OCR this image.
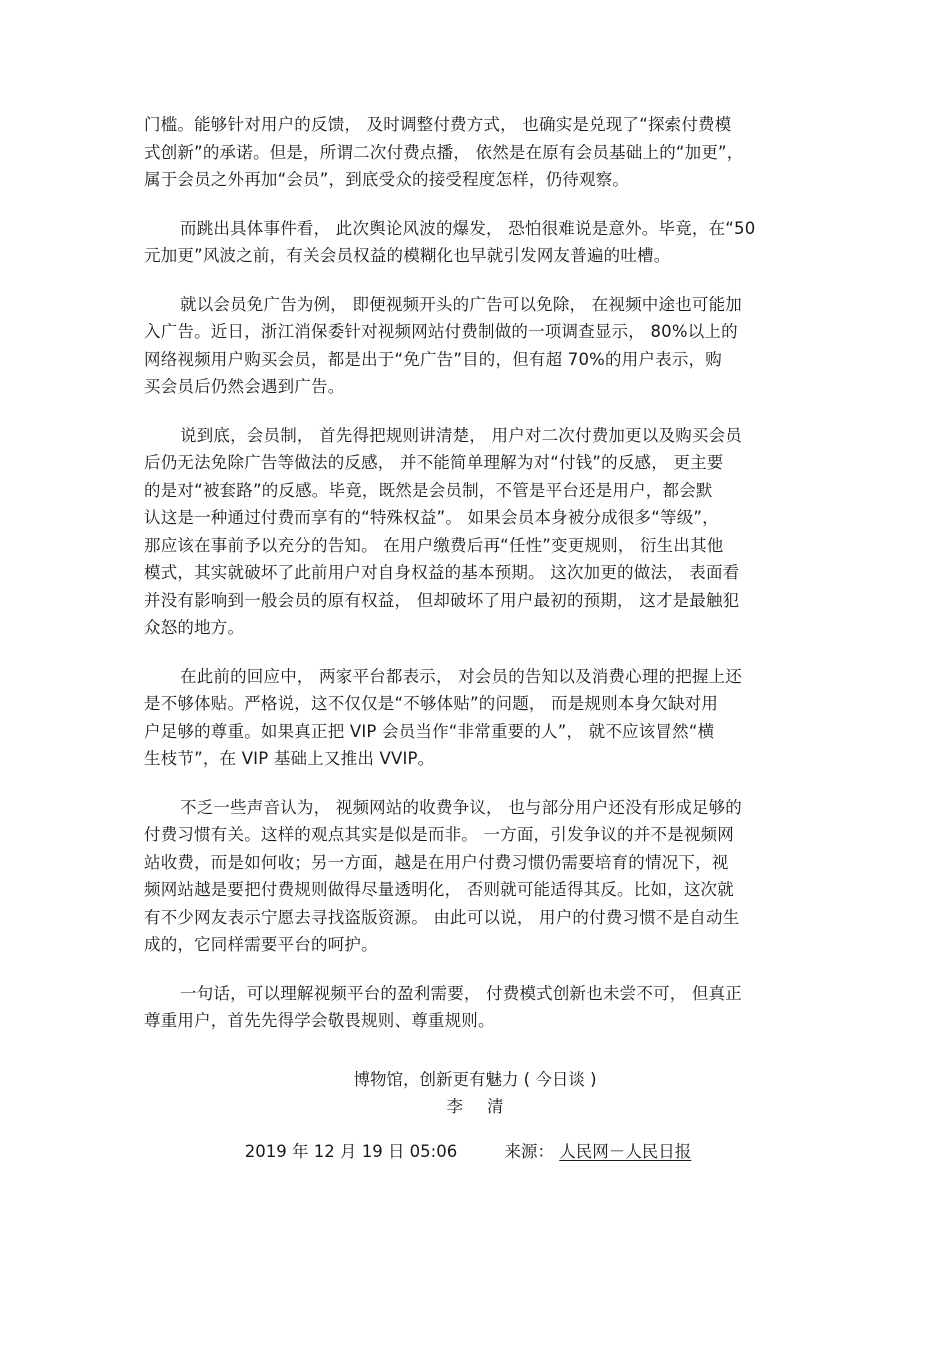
门槛。能够针对用户的反馈， 及时调整付费方式， 也确实是兑现了“探索付费模
式创新”的承诺。但是，所谓二次付费点播， 依然是在原有会员基础上的“加更”，
属于会员之外再加“会员”，到底受众的接受程度怎样，仍待观察。

而跳出具体事件看， 此次舆论风波的爆发， 恐怕很难说是意外。毕竟，在“50
元加更”风波之前，有关会员权益的模糊化也早就引发网友普遍的吐槽。

就以会员免广告为例， 即便视频开头的广告可以免除， 在视频中途也可能加
入广告。近日，浙江消保委针对视频网站付费制做的一项调查显示， 80%以上的
网络视频用户购买会员，都是出于“免广告”目的，但有超 70%的用户表示，购
买会员后仍然会遇到广告。

说到底，会员制， 首先得把规则讲清楚， 用户对二次付费加更以及购买会员
后仍无法免除广告等做法的反感， 并不能简单理解为对“付钱”的反感， 更主要
的是对“被套路”的反感。毕竟，既然是会员制，不管是平台还是用户，都会默
认这是一种通过付费而享有的“特殊权益”。 如果会员本身被分成很多“等级”，
那应该在事前予以充分的告知。 在用户缴费后再“任性”变更规则， 衍生出其他
模式，其实就破坏了此前用户对自身权益的基本预期。 这次加更的做法， 表面看
并没有影响到一般会员的原有权益， 但却破坏了用户最初的预期， 这才是最触犯
众怒的地方。

在此前的回应中， 两家平台都表示， 对会员的告知以及消费心理的把握上还
是不够体贴。严格说，这不仅仅是“不够体贴”的问题， 而是规则本身欠缺对用
户足够的尊重。如果真正把 VIP 会员当作“非常重要的人”， 就不应该冒然“横
生枝节”，在 VIP 基础上又推出 VVIP。

不乏一些声音认为， 视频网站的收费争议， 也与部分用户还没有形成足够的
付费习惯有关。这样的观点其实是似是而非。 一方面，引发争议的并不是视频网
站收费，而是如何收；另一方面，越是在用户付费习惯仍需要培育的情况下，视
频网站越是要把付费规则做得尽量透明化， 否则就可能适得其反。比如，这次就
有不少网友表示宁愿去寻找盗版资源。 由此可以说， 用户的付费习惯不是自动生
成的，它同样需要平台的呵护。

一句话，可以理解视频平台的盈利需要， 付费模式创新也未尝不可， 但真正
尊重用户，首先先得学会敬畏规则、尊重规则。

博物馆，创新更有魅力 ( 今日谈 )
李清
2019 年 12 月 19 日 05:06	来源： 人民网－人民日报
